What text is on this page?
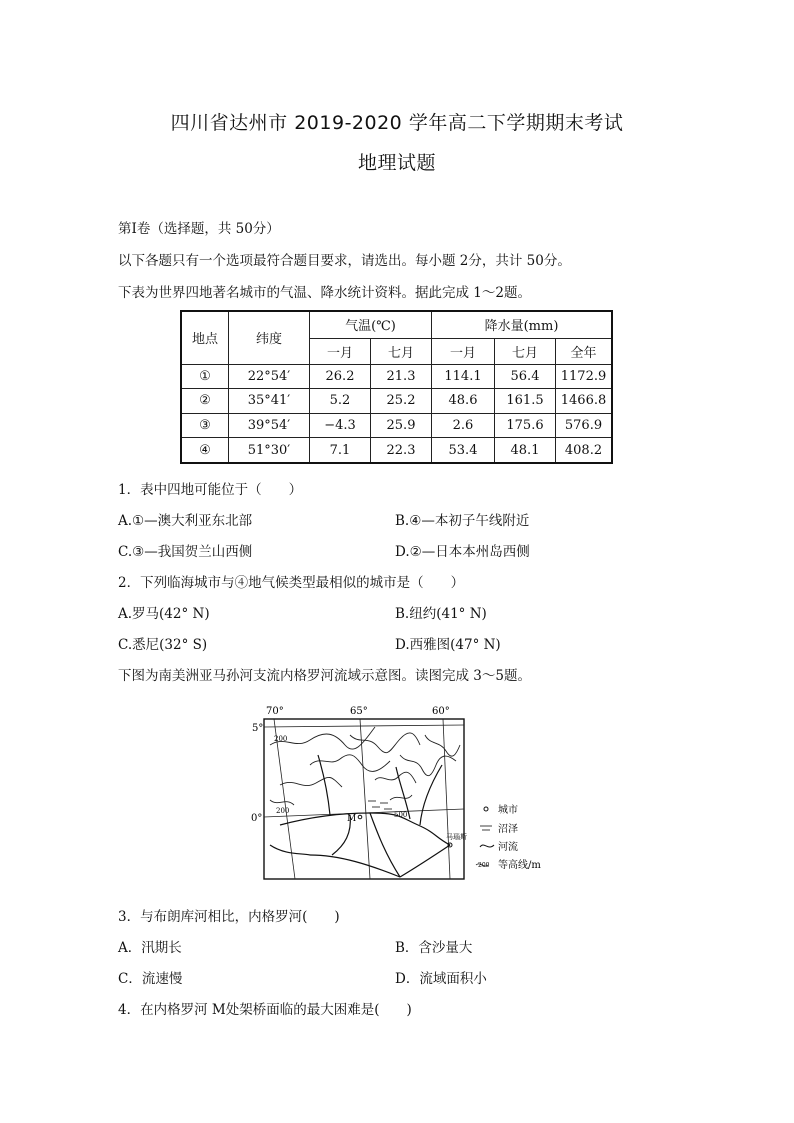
四川省达州市 2019-2020 学年高二下学期期末考试
地理试题
第Ⅰ卷（选择题，共 50分）
以下各题只有一个选项最符合题目要求，请选出。每小题 2分，共计 50分。
下表为世界四地著名城市的气温、降水统计资料。据此完成 1～2题。
地点	纬度	气温(℃)		降水量(mm)		
		一月	七月	一月	七月	全年
①	22°54′	26.2	21.3	114.1	56.4	1172.9
②	35°41′	5.2	25.2	48.6	161.5	1466.8
③	39°54′	−4.3	25.9	2.6	175.6	576.9
④	51°30′	7.1	22.3	53.4	48.1	408.2
1．表中四地可能位于（　　）
A.①—澳大利亚东北部	B.④—本初子午线附近
C.③—我国贺兰山西侧	D.②—日本本州岛西侧
2．下列临海城市与④地气候类型最相似的城市是（　　）
A.罗马(42° N)	B.纽约(41° N)
C.悉尼(32° S)	D.西雅图(47° N)
下图为南美洲亚马孙河支流内格罗河流域示意图。读图完成 3～5题。
70°	65°	60°
5°
0°
200
200	500
M
马瑙斯
城市
沼泽
河流
200 等高线/m
3．与布朗库河相比，内格罗河(　　)
A．汛期长	B．含沙量大
C．流速慢	D．流域面积小
4．在内格罗河 M处架桥面临的最大困难是(　　)
